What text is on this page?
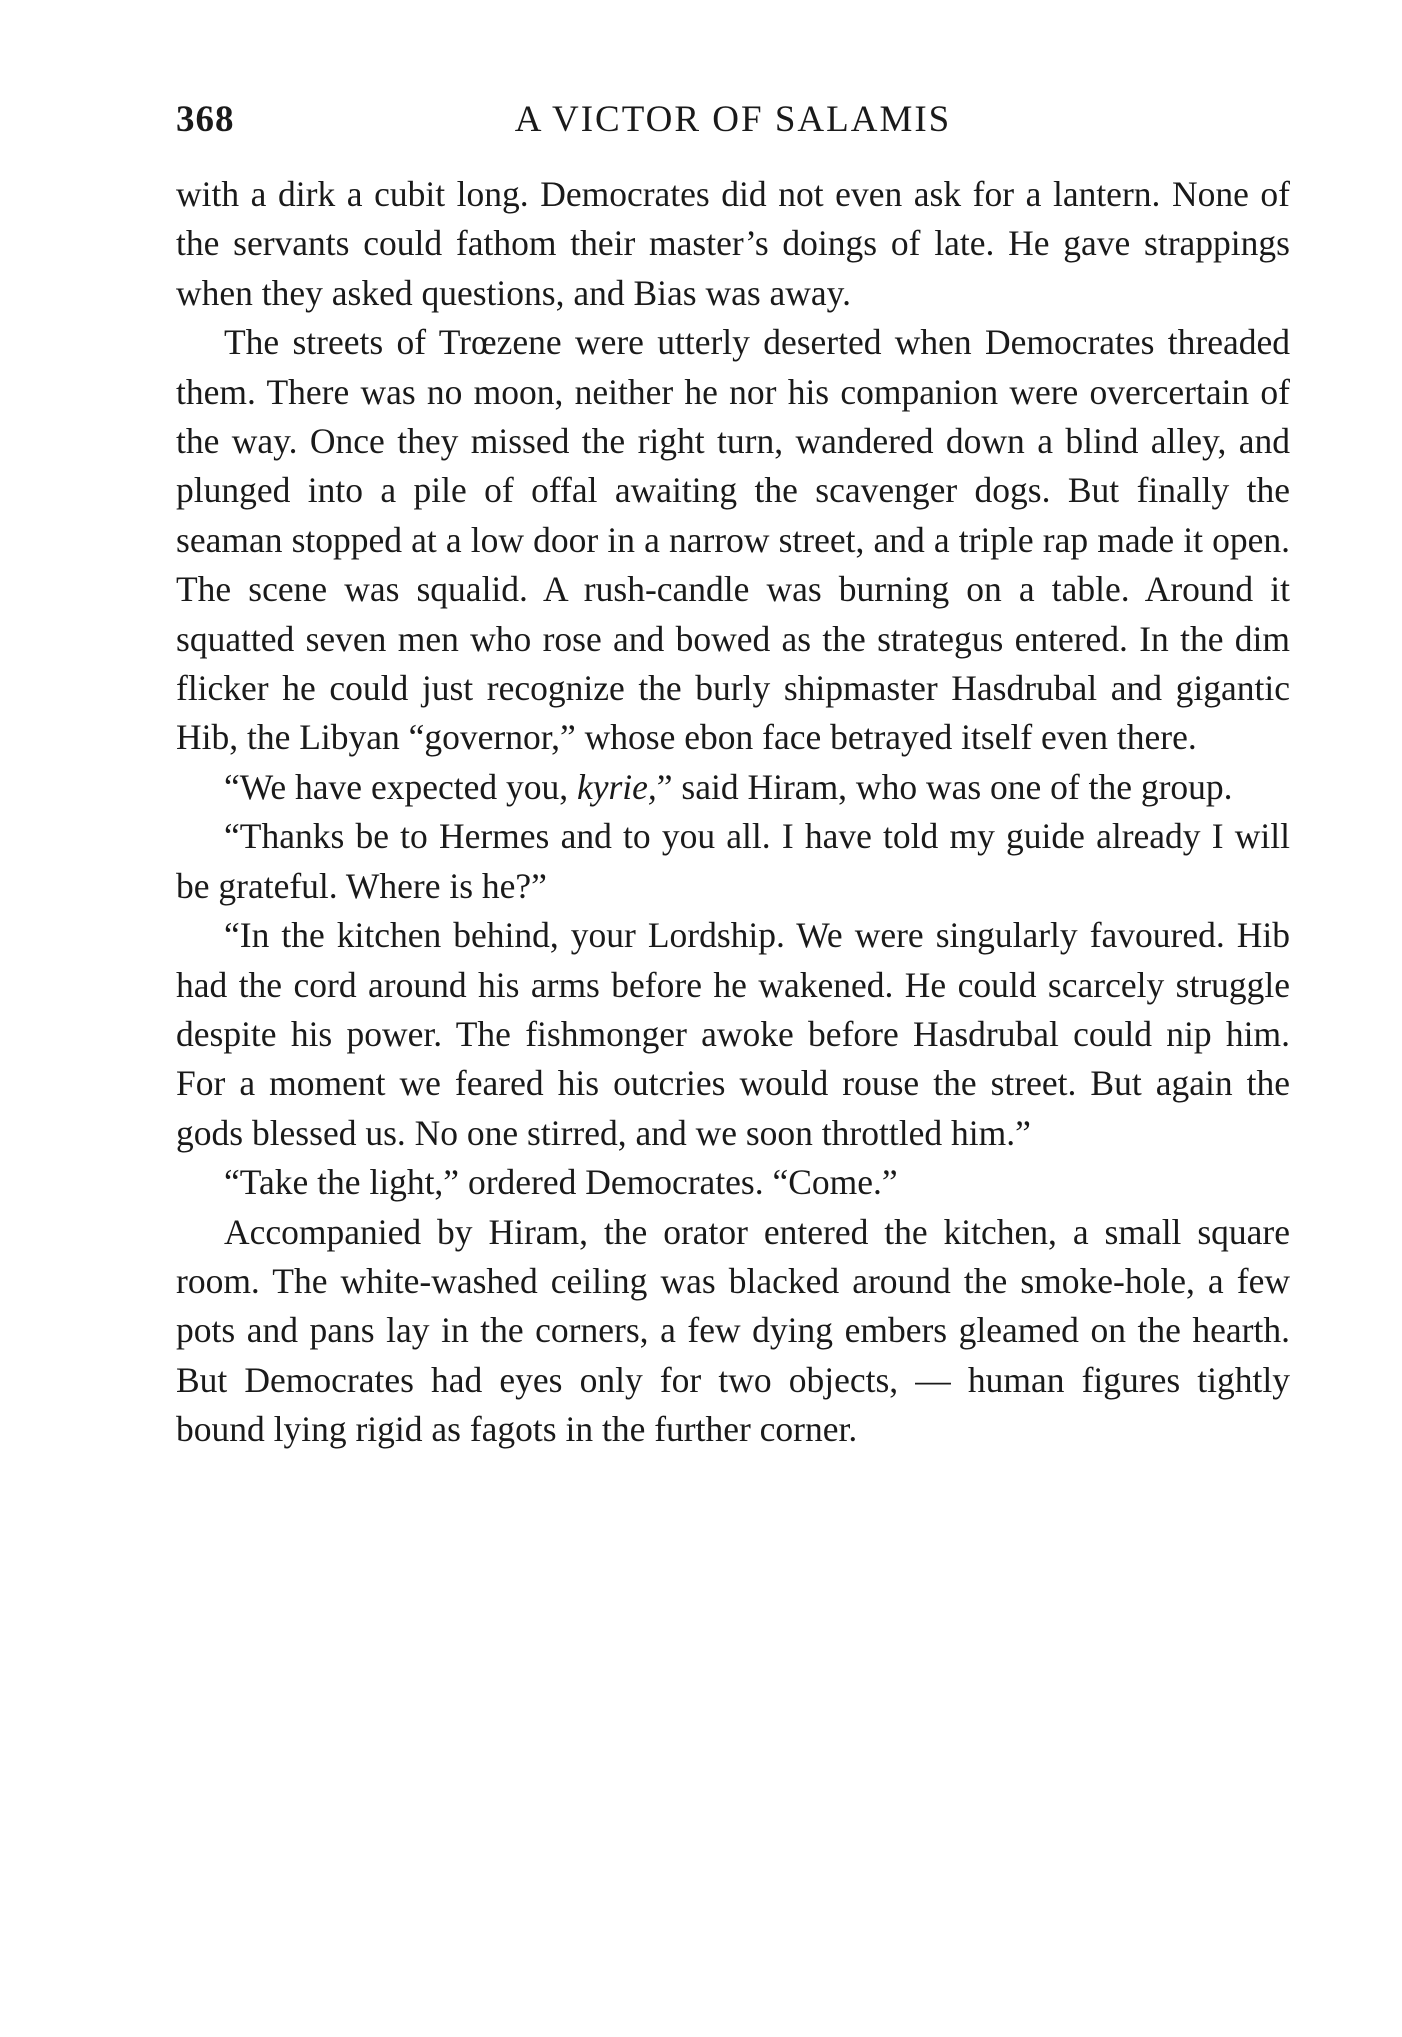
368	A VICTOR OF SALAMIS

with a dirk a cubit long. Democrates did not even ask for a lantern. None of the servants could fathom their master’s doings of late. He gave strappings when they asked questions, and Bias was away.

The streets of Trœzene were utterly deserted when Democrates threaded them. There was no moon, neither he nor his companion were overcertain of the way. Once they missed the right turn, wandered down a blind alley, and plunged into a pile of offal awaiting the scavenger dogs. But finally the seaman stopped at a low door in a narrow street, and a triple rap made it open. The scene was squalid. A rush-candle was burning on a table. Around it squatted seven men who rose and bowed as the strategus entered. In the dim flicker he could just recognize the burly shipmaster Hasdrubal and gigantic Hib, the Libyan “governor,” whose ebon face betrayed itself even there.

“We have expected you, kyrie,” said Hiram, who was one of the group.

“Thanks be to Hermes and to you all. I have told my guide already I will be grateful. Where is he?”

“In the kitchen behind, your Lordship. We were singularly favoured. Hib had the cord around his arms before he wakened. He could scarcely struggle despite his power. The fishmonger awoke before Hasdrubal could nip him. For a moment we feared his outcries would rouse the street. But again the gods blessed us. No one stirred, and we soon throttled him.”

“Take the light,” ordered Democrates. “Come.”

Accompanied by Hiram, the orator entered the kitchen, a small square room. The white-washed ceiling was blacked around the smoke-hole, a few pots and pans lay in the corners, a few dying embers gleamed on the hearth. But Democrates had eyes only for two objects, — human figures tightly bound lying rigid as fagots in the further corner.
